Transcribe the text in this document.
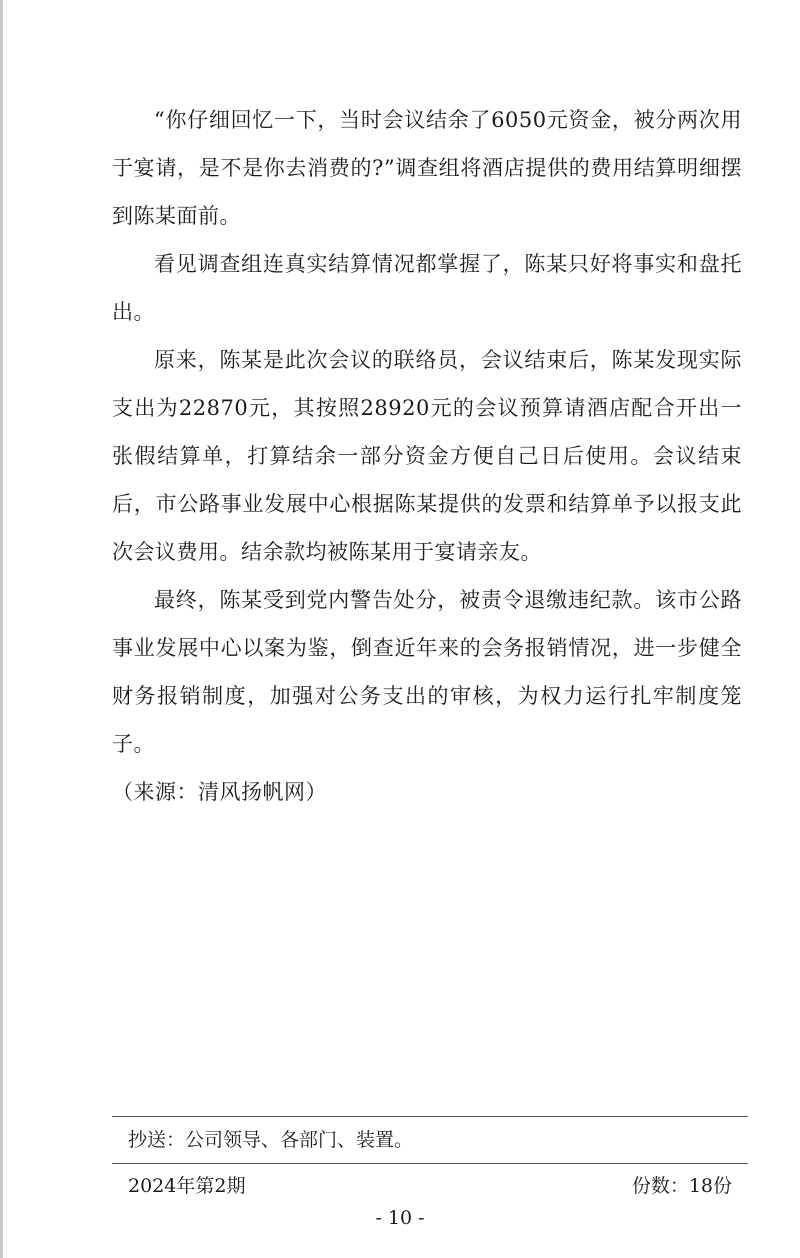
“你仔细回忆一下，当时会议结余了6050元资金，被分两次用于宴请，是不是你去消费的?”调查组将酒店提供的费用结算明细摆到陈某面前。

看见调查组连真实结算情况都掌握了，陈某只好将事实和盘托出。

原来，陈某是此次会议的联络员，会议结束后，陈某发现实际支出为22870元，其按照28920元的会议预算请酒店配合开出一张假结算单，打算结余一部分资金方便自己日后使用。会议结束后，市公路事业发展中心根据陈某提供的发票和结算单予以报支此次会议费用。结余款均被陈某用于宴请亲友。

最终，陈某受到党内警告处分，被责令退缴违纪款。该市公路事业发展中心以案为鉴，倒查近年来的会务报销情况，进一步健全财务报销制度，加强对公务支出的审核，为权力运行扎牢制度笼子。

（来源：清风扬帆网）

抄送：公司领导、各部门、装置。
2024年第2期	份数：18份
- 10 -
